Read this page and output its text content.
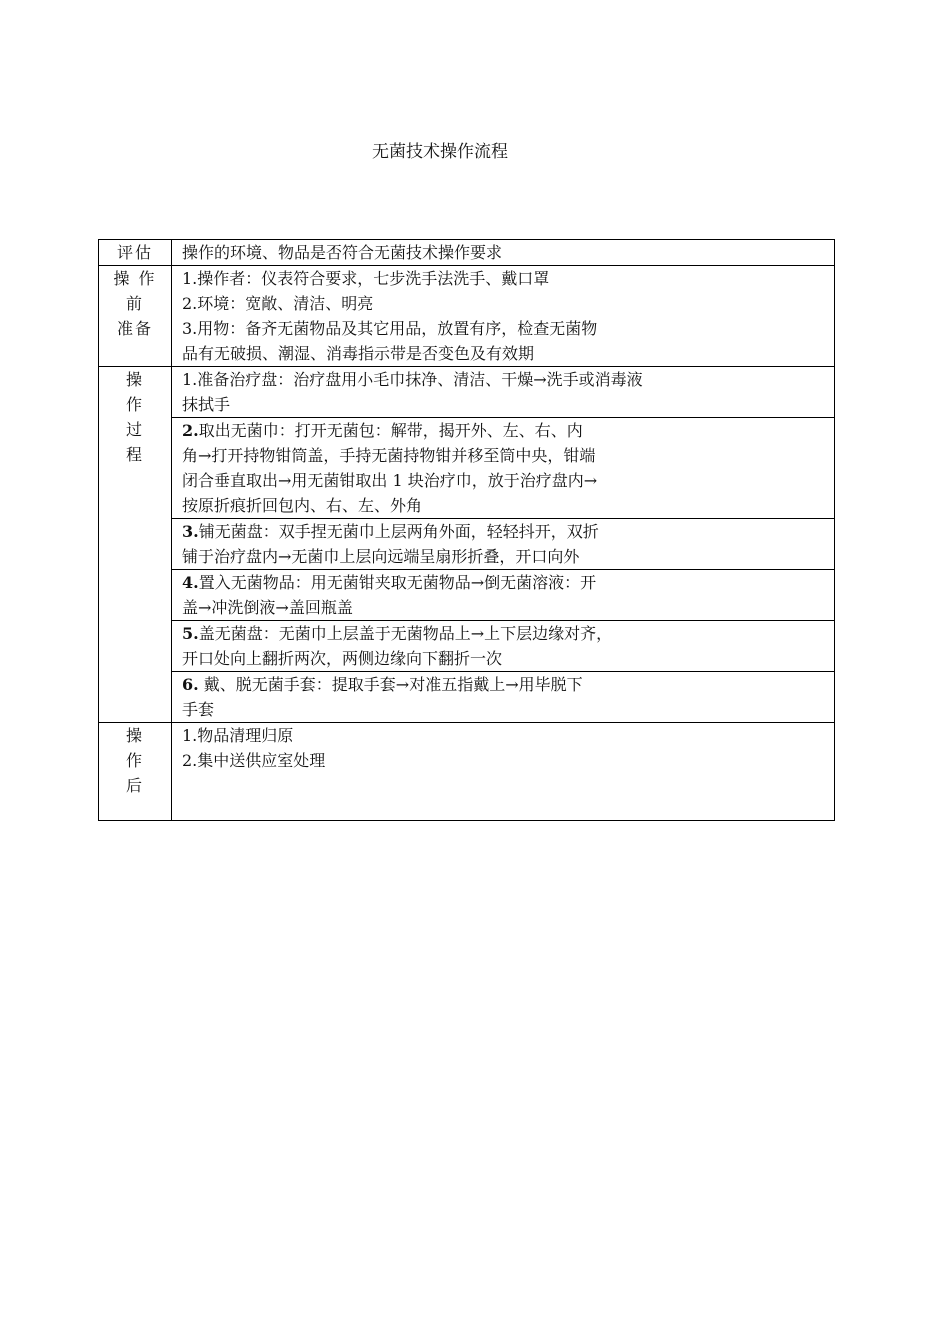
无菌技术操作流程
评估	操作的环境、物品是否符合无菌技术操作要求

操 作
前
准备	1.操作者：仪表符合要求，七步洗手法洗手、戴口罩
2.环境：宽敞、清洁、明亮
3.用物：备齐无菌物品及其它用品，放置有序，检查无菌物
品有无破损、潮湿、消毒指示带是否变色及有效期

操
作
过
程	1.准备治疗盘：治疗盘用小毛巾抹净、清洁、干燥→洗手或消毒液
抹拭手

	2.取出无菌巾：打开无菌包：解带，揭开外、左、右、内
角→打开持物钳筒盖，手持无菌持物钳并移至筒中央，钳端
闭合垂直取出→用无菌钳取出 1 块治疗巾，放于治疗盘内→
按原折痕折回包内、右、左、外角

	3.铺无菌盘：双手捏无菌巾上层两角外面，轻轻抖开，双折
铺于治疗盘内→无菌巾上层向远端呈扇形折叠，开口向外

	4.置入无菌物品：用无菌钳夹取无菌物品→倒无菌溶液：开
盖→冲洗倒液→盖回瓶盖

	5.盖无菌盘：无菌巾上层盖于无菌物品上→上下层边缘对齐，
开口处向上翻折两次，两侧边缘向下翻折一次

	6. 戴、脱无菌手套：提取手套→对准五指戴上→用毕脱下
手套

操
作
后	1.物品清理归原
2.集中送供应室处理
